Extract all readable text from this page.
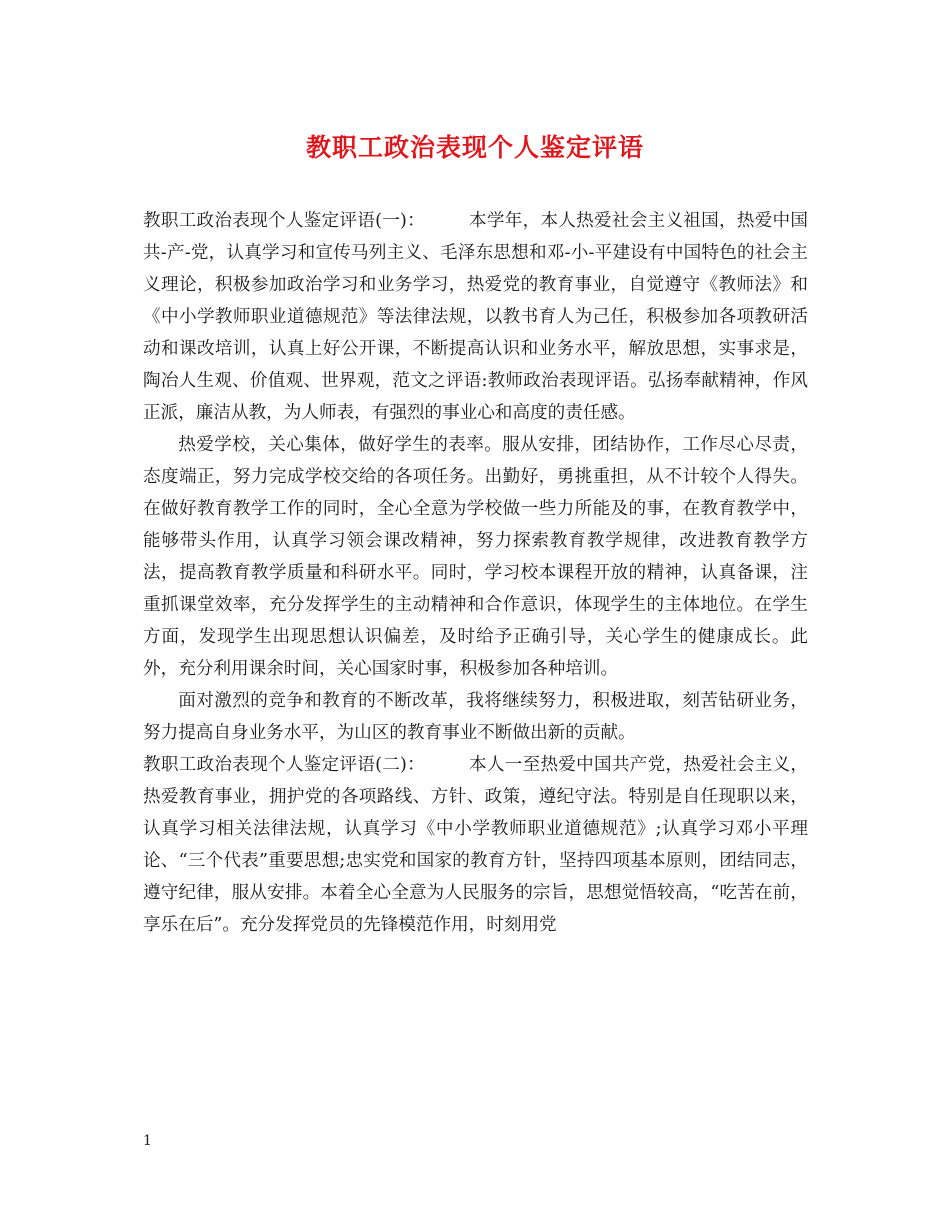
教职工政治表现个人鉴定评语

教职工政治表现个人鉴定评语(一)：	本学年，本人热爱社会主义祖国，热爱中国共-产-党，认真学习和宣传马列主义、毛泽东思想和邓-小-平建设有中国特色的社会主义理论，积极参加政治学习和业务学习，热爱党的教育事业，自觉遵守《教师法》和《中小学教师职业道德规范》等法律法规，以教书育人为己任，积极参加各项教研活动和课改培训，认真上好公开课，不断提高认识和业务水平，解放思想，实事求是，陶冶人生观、价值观、世界观，范文之评语:教师政治表现评语。弘扬奉献精神，作风正派，廉洁从教，为人师表，有强烈的事业心和高度的责任感。

热爱学校，关心集体，做好学生的表率。服从安排，团结协作，工作尽心尽责，态度端正，努力完成学校交给的各项任务。出勤好，勇挑重担，从不计较个人得失。在做好教育教学工作的同时，全心全意为学校做一些力所能及的事，在教育教学中，能够带头作用，认真学习领会课改精神，努力探索教育教学规律，改进教育教学方法，提高教育教学质量和科研水平。同时，学习校本课程开放的精神，认真备课，注重抓课堂效率，充分发挥学生的主动精神和合作意识，体现学生的主体地位。在学生方面，发现学生出现思想认识偏差，及时给予正确引导，关心学生的健康成长。此外，充分利用课余时间，关心国家时事，积极参加各种培训。

面对激烈的竞争和教育的不断改革，我将继续努力，积极进取，刻苦钻研业务，努力提高自身业务水平，为山区的教育事业不断做出新的贡献。

教职工政治表现个人鉴定评语(二)：	本人一至热爱中国共产党，热爱社会主义，热爱教育事业，拥护党的各项路线、方针、政策，遵纪守法。特别是自任现职以来，认真学习相关法律法规，认真学习《中小学教师职业道德规范》;认真学习邓小平理论、“三个代表”重要思想;忠实党和国家的教育方针，坚持四项基本原则，团结同志，遵守纪律，服从安排。本着全心全意为人民服务的宗旨，思想觉悟较高，“吃苦在前，享乐在后”。充分发挥党员的先锋模范作用，时刻用党

1
